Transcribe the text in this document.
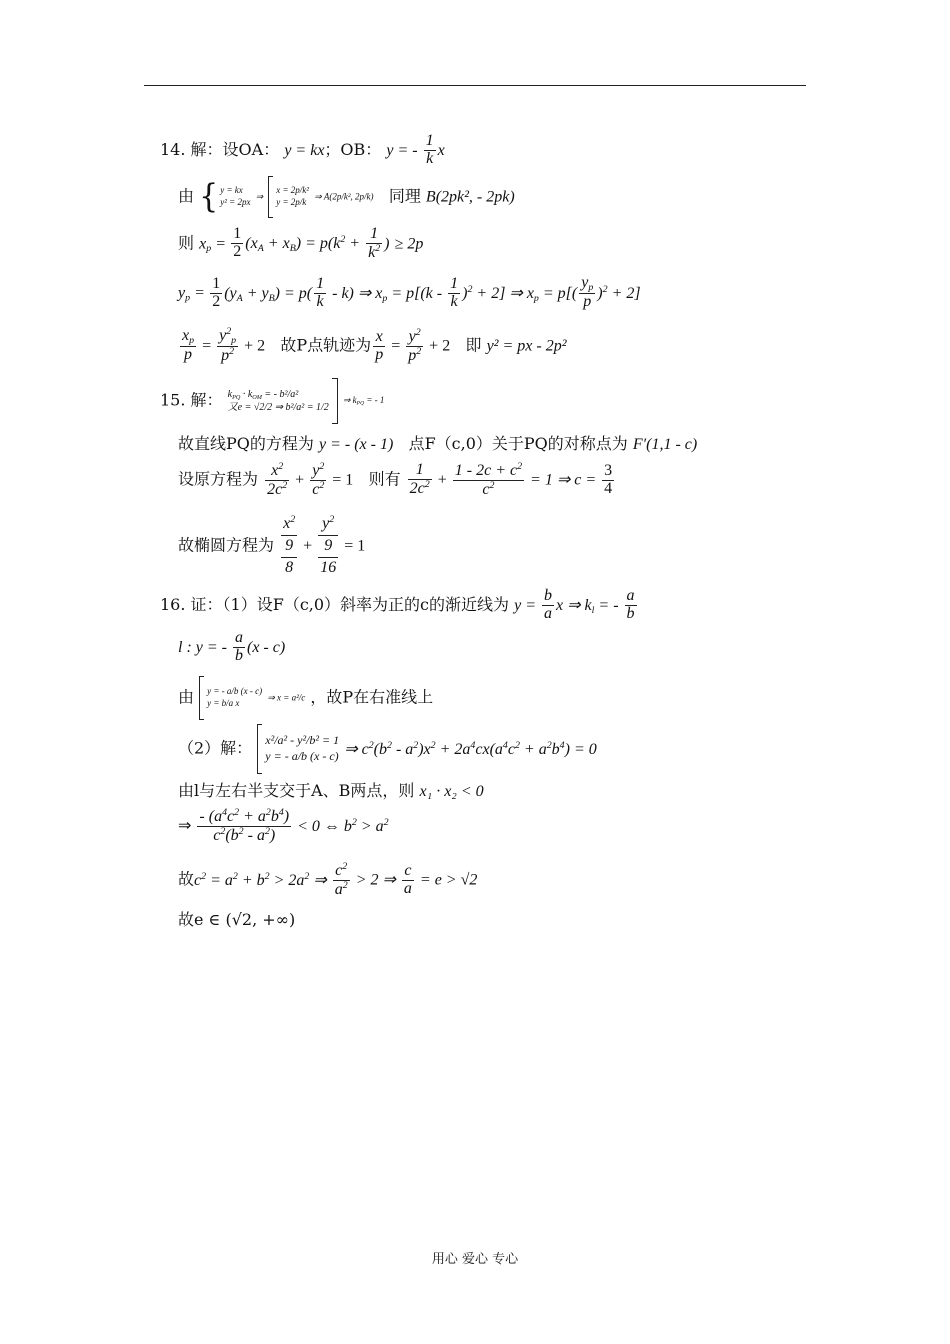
14. 解：设OA： y = kx；OB： y = - $\frac{1}{k}$ x
由 { y = kx
y² = 2px
⇒
x = 2p/k²
y = 2p/k
⇒ A(2p/k², 2p/k) 同理 B(2pk², - 2pk)
则 $x_p = \frac{1}{2} (x_A + x_B) = p(k^2 + \frac{1}{k^2}$ ) ≥ 2p
$y_p = \frac{1}{2} (y_A + y_B) = p( \frac{1}{k} - k)$ ⇒ $x_p = p[(k - \frac{1}{k} )^2 + 2]$ ⇒ $x_p = p[( \frac{y_p}{p} )^2 + 2]$
$\frac{x_p}{p} = \frac{y^2_p}{p^2} + 2$ 故P点轨迹为 $\frac{x}{p} = \frac{y^2}{p^2} + 2$ 即 y² = px - 2p²
15. 解： $k_{PQ} \cdot k_{OM}$ = - b²/a²
又e = √2/2 ⇒ b²/a² = 1/2
⇒ $k_{PQ}$ = - 1
故直线PQ的方程为 y = - (x - 1) 点F（c,0）关于PQ的对称点为 F′(1,1 - c)
设原方程为 $\frac{x^2}{2c^2} + \frac{y^2}{c^2} = 1$ 则有 $\frac{1}{2c^2} + \frac{1 - 2c + c^2}{c^2} = 1$ ⇒ $c = \frac{3}{4}$
故椭圆方程为
$x^2$
9
8
+
$y^2$
9
16
= 1
16. 证：（1）设F（c,0）斜率为正的c的渐近线为 $y = \frac{b}{a}$ x ⇒ $k_l$ = - $\frac{a}{b}$
l : y = - $\frac{a}{b} (x - c)$
由 y = - a/b (x - c)
y = b/a x
⇒ x = a²/c ，故P在右准线上
（2）解： x²/a² - y²/b² = 1
y = - a/b (x - c) ⇒ $c^2(b^2 - a^2)x^2 + 2a^4cx(a^4c^2 + a^2b^4) = 0$
由l与左右半支交于A、B两点，则 x₁ · x₂ < 0
⇒ $\frac{- (a^4c^2 + a^2b^4)}{c^2(b^2 - a^2)} < 0$ ⇔ $b^2 > a^2$
故$c^2 = a^2 + b^2 > 2a^2$ ⇒ $\frac{c^2}{a^2} > 2$ ⇒ $\frac{c}{a} = e > √2$
故e ∈ (√2, +∞)
用心 爱心 专心
